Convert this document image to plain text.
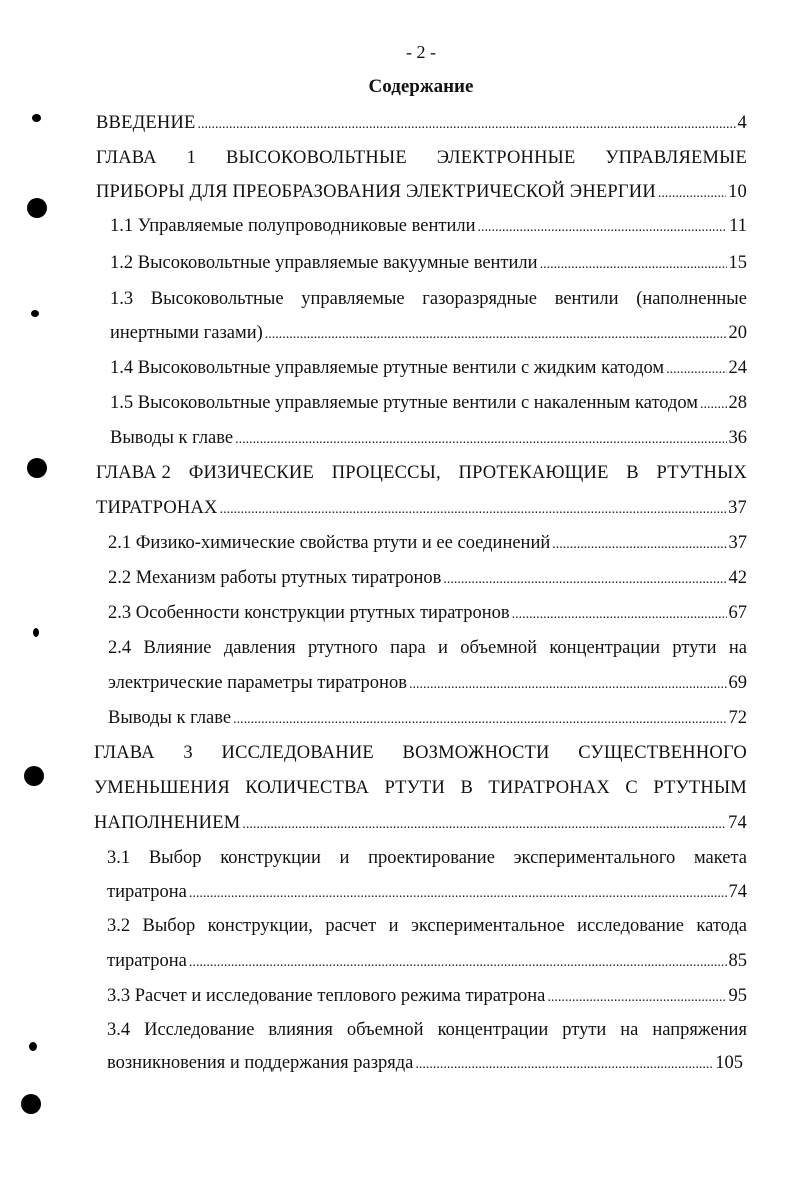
- 2 -
Содержание
ВВЕДЕНИЕ .....	4
ГЛАВА 1 ВЫСОКОВОЛЬТНЫЕ ЭЛЕКТРОННЫЕ УПРАВЛЯЕМЫЕ
ПРИБОРЫ ДЛЯ ПРЕОБРАЗОВАНИЯ ЭЛЕКТРИЧЕСКОЙ ЭНЕРГИИ .....	10
1.1 Управляемые полупроводниковые вентили .....	11
1.2 Высоковольтные управляемые вакуумные вентили .....	15
1.3 Высоковольтные управляемые газоразрядные вентили (наполненные
инертными газами) .....	20
1.4 Высоковольтные управляемые ртутные вентили с жидким катодом .....	24
1.5 Высоковольтные управляемые ртутные вентили с накаленным катодом ..... 28
Выводы к главе .....	36
ГЛАВА 2 ФИЗИЧЕСКИЕ ПРОЦЕССЫ, ПРОТЕКАЮЩИЕ В РТУТНЫХ
ТИРАТРОНАХ .....	37
2.1 Физико-химические свойства ртути и ее соединений .....	37
2.2 Механизм работы ртутных тиратронов .....	42
2.3 Особенности конструкции ртутных тиратронов .....	67
2.4 Влияние давления ртутного пара и объемной концентрации ртути на
электрические параметры тиратронов .....	69
Выводы к главе .....	72
ГЛАВА 3 ИССЛЕДОВАНИЕ ВОЗМОЖНОСТИ СУЩЕСТВЕННОГО
УМЕНЬШЕНИЯ КОЛИЧЕСТВА РТУТИ В ТИРАТРОНАХ С РТУТНЫМ
НАПОЛНЕНИЕМ .....	74
3.1 Выбор конструкции и проектирование экспериментального макета
тиратрона .....	74
3.2 Выбор конструкции, расчет и экспериментальное исследование катода
тиратрона .....	85
3.3 Расчет и исследование теплового режима тиратрона .....	95
3.4 Исследование влияния объемной концентрации ртути на напряжения
возникновения и поддержания разряда .....	105
